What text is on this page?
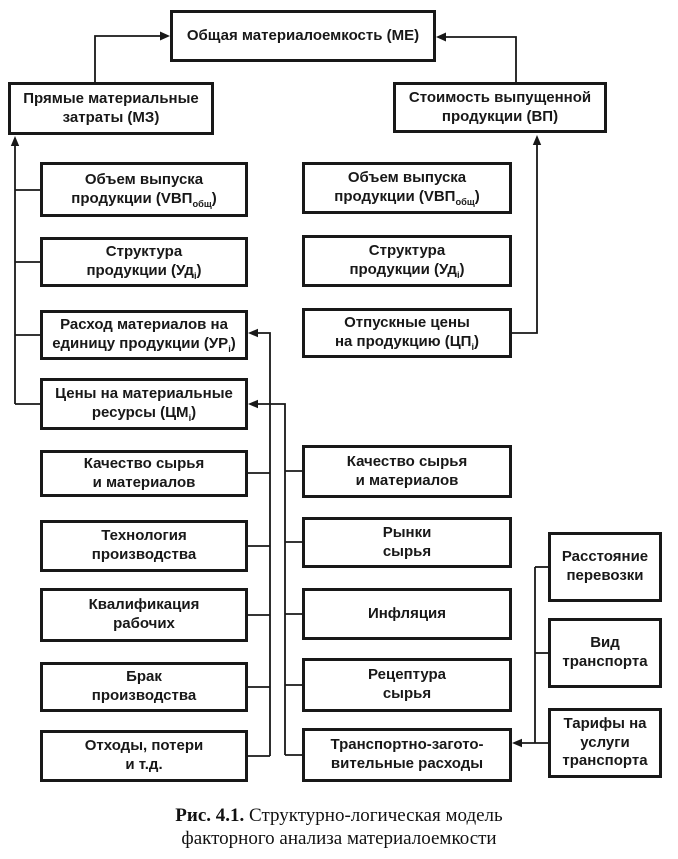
Общая материалоемкость (МЕ)
Прямые материальные
затраты (МЗ)
Стоимость выпущенной
продукции (ВП)
Объем выпуска
продукции $(VВП_{общ})$
Структура
продукции $(Уд_i)$
Расход материалов на
единицу продукции $(УР_i)$
Цены на материальные
ресурсы $(ЦМ_i)$
Качество сырья
и материалов
Технология
производства
Квалификация
рабочих
Брак
производства
Отходы, потери
и т.д.
Объем выпуска
продукции $(VВП_{общ})$
Структура
продукции $(Уд_i)$
Отпускные цены
на продукцию $(ЦП_i)$
Качество сырья
и материалов
Рынки
сырья
Инфляция
Рецептура
сырья
Транспортно-загото-
вительные расходы
Расстояние
перевозки
Вид
транспорта
Тарифы на
услуги
транспорта
Рис. 4.1. Структурно-логическая модель
факторного анализа материалоемкости
